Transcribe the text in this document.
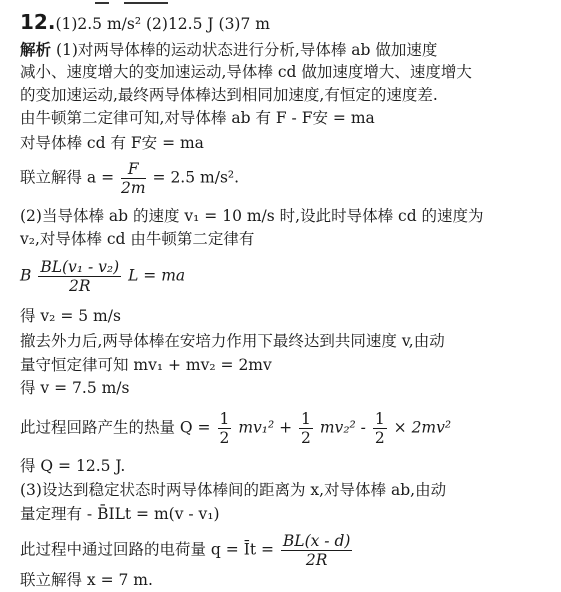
12.(1)2.5 m/s² (2)12.5 J (3)7 m
解析 (1)对两导体棒的运动状态进行分析,导体棒 ab 做加速度
减小、速度增大的变加速运动,导体棒 cd 做加速度增大、速度增大
的变加速运动,最终两导体棒达到相同加速度,有恒定的速度差.
由牛顿第二定律可知,对导体棒 ab 有 F - F安 = ma
对导体棒 cd 有 F安 = ma
联立解得 $a = \frac{F}{2m} = 2.5$ m/s².
(2)当导体棒 ab 的速度 v₁ = 10 m/s 时,设此时导体棒 cd 的速度为
v₂,对导体棒 cd 由牛顿第二定律有
B $\frac{\text{BL(v₁ - v₂)}}{2R}$ L = ma
得 v₂ = 5 m/s
撤去外力后,两导体棒在安培力作用下最终达到共同速度 v,由动
量守恒定律可知 mv₁ + mv₂ = 2mv
得 v = 7.5 m/s
此过程回路产生的热量 $Q = \frac{1}{2} mv_1^2 + \frac{1}{2} mv_2^2 - \frac{1}{2} \times 2mv^2$
得 Q = 12.5 J.
(3)设达到稳定状态时两导体棒间的距离为 x,对导体棒 ab,由动
量定理有 - B̄ILt = m(v - v₁)
此过程中通过回路的电荷量 q = Īt = $\frac{BL(x - d)}{2R}$
联立解得 x = 7 m.
